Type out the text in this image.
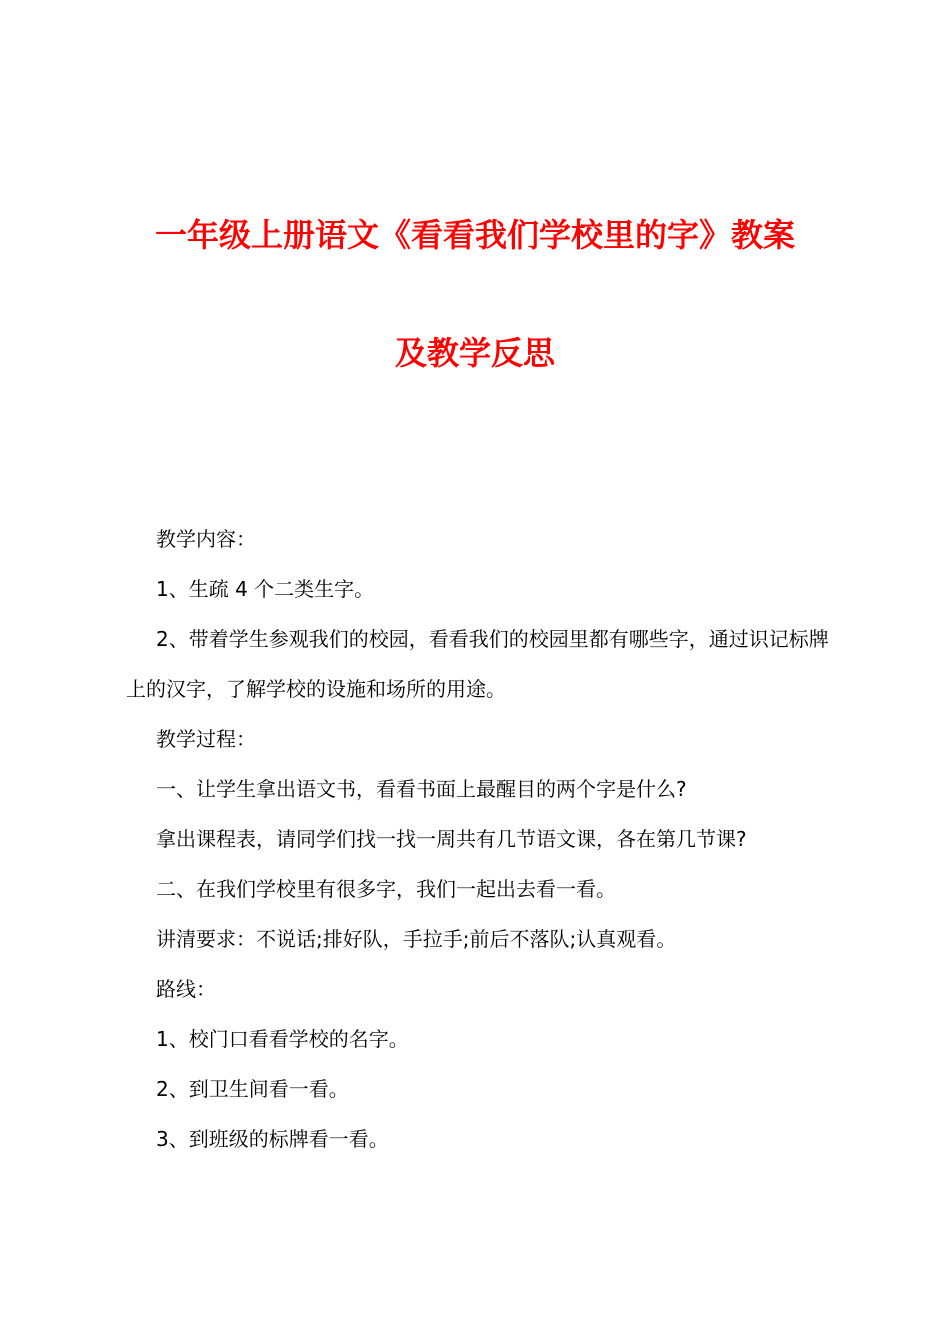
一年级上册语文《看看我们学校里的字》教案
及教学反思

教学内容：

1、生疏 4 个二类生字。

2、带着学生参观我们的校园，看看我们的校园里都有哪些字，通过识记标牌上的汉字，了解学校的设施和场所的用途。

教学过程：

一、让学生拿出语文书，看看书面上最醒目的两个字是什么?

拿出课程表，请同学们找一找一周共有几节语文课，各在第几节课?

二、在我们学校里有很多字，我们一起出去看一看。

讲清要求：不说话;排好队，手拉手;前后不落队;认真观看。

路线：

1、校门口看看学校的名字。

2、到卫生间看一看。

3、到班级的标牌看一看。
